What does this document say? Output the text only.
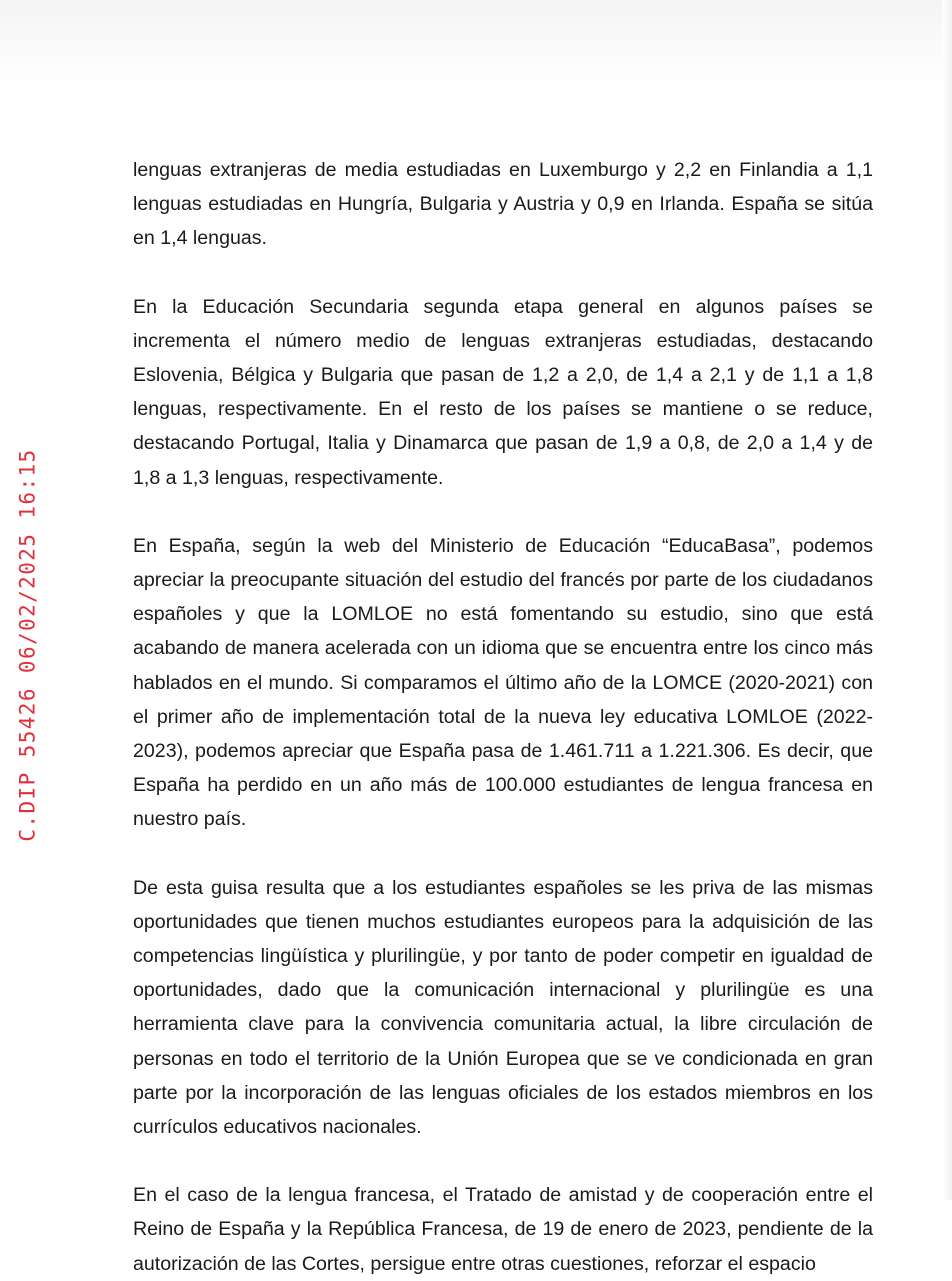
C.DIP 55426 06/02/2025 16:15

lenguas extranjeras de media estudiadas en Luxemburgo y 2,2 en Finlandia a 1,1 lenguas estudiadas en Hungría, Bulgaria y Austria y 0,9 en Irlanda. España se sitúa en 1,4 lenguas.

En la Educación Secundaria segunda etapa general en algunos países se incrementa el número medio de lenguas extranjeras estudiadas, destacando Eslovenia, Bélgica y Bulgaria que pasan de 1,2 a 2,0, de 1,4 a 2,1 y de 1,1 a 1,8 lenguas, respectivamente. En el resto de los países se mantiene o se reduce, destacando Portugal, Italia y Dinamarca que pasan de 1,9 a 0,8, de 2,0 a 1,4 y de 1,8 a 1,3 lenguas, respectivamente.

En España, según la web del Ministerio de Educación “EducaBasa”, podemos apreciar la preocupante situación del estudio del francés por parte de los ciudadanos españoles y que la LOMLOE no está fomentando su estudio, sino que está acabando de manera acelerada con un idioma que se encuentra entre los cinco más hablados en el mundo. Si comparamos el último año de la LOMCE (2020-2021) con el primer año de implementación total de la nueva ley educativa LOMLOE (2022-2023), podemos apreciar que España pasa de 1.461.711 a 1.221.306. Es decir, que España ha perdido en un año más de 100.000 estudiantes de lengua francesa en nuestro país.

De esta guisa resulta que a los estudiantes españoles se les priva de las mismas oportunidades que tienen muchos estudiantes europeos para la adquisición de las competencias lingüística y plurilingüe, y por tanto de poder competir en igualdad de oportunidades, dado que la comunicación internacional y plurilingüe es una herramienta clave para la convivencia comunitaria actual, la libre circulación de personas en todo el territorio de la Unión Europea que se ve condicionada en gran parte por la incorporación de las lenguas oficiales de los estados miembros en los currículos educativos nacionales.

En el caso de la lengua francesa, el Tratado de amistad y de cooperación entre el Reino de España y la República Francesa, de 19 de enero de 2023, pendiente de la autorización de las Cortes, persigue entre otras cuestiones, reforzar el espacio
